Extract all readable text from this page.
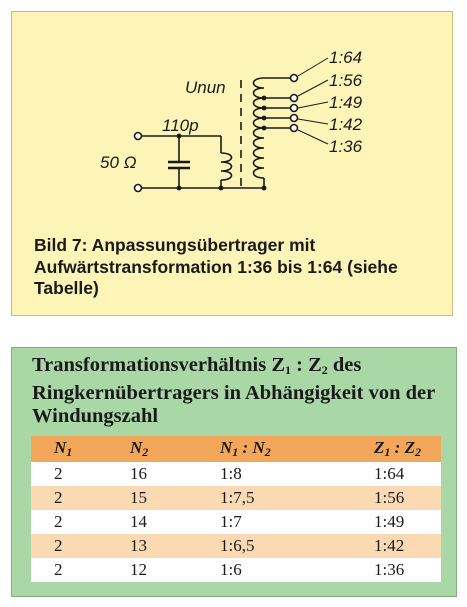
Unun
110p
50 Ω
1:64
1:56
1:49
1:42
1:36
Bild 7: Anpassungsübertrager mit Aufwärtstransformation 1:36 bis 1:64 (siehe Tabelle)
Transformationsverhältnis $Z_1$ : $Z_2$ des Ringkernübertragers in Abhängigkeit von der Windungszahl
$N_1$	$N_2$	$N_1$ : $N_2$	$Z_1$ : $Z_2$
2	16	1:8	1:64
2	15	1:7,5	1:56
2	14	1:7	1:49
2	13	1:6,5	1:42
2	12	1:6	1:36
